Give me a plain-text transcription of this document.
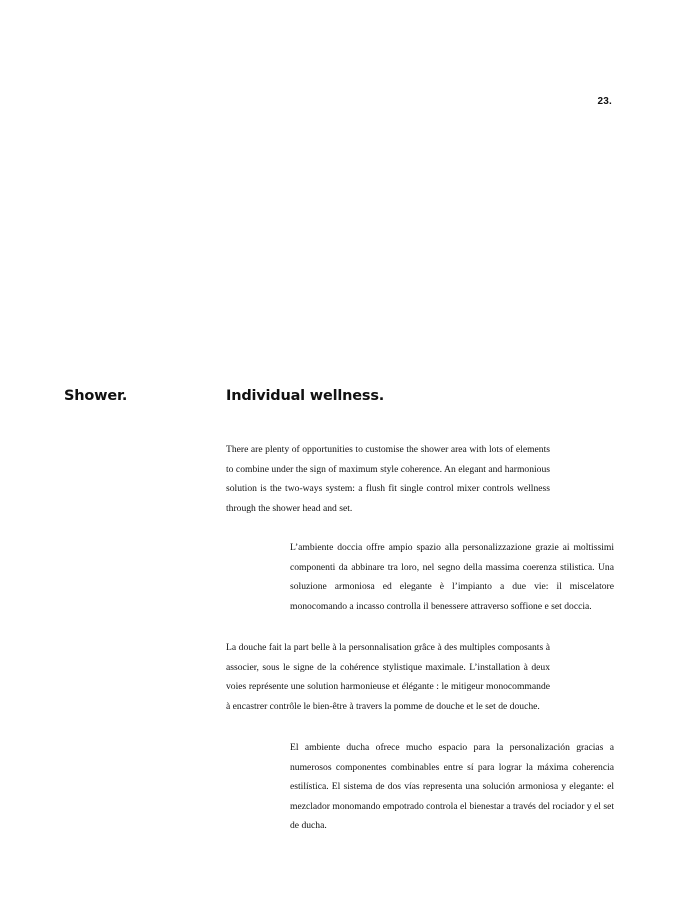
23.
Shower.	Individual wellness.

There are plenty of opportunities to customise the shower area with lots of elements to combine under the sign of maximum style coherence. An elegant and harmonious solution is the two-ways system: a flush fit single control mixer controls wellness through the shower head and set.

L’ambiente doccia offre ampio spazio alla personalizzazione grazie ai moltissimi componenti da abbinare tra loro, nel segno della massima coerenza stilistica. Una soluzione armoniosa ed elegante è l’impianto a due vie: il miscelatore monocomando a incasso controlla il benessere attraverso soffione e set doccia.

La douche fait la part belle à la personnalisation grâce à des multiples composants à associer, sous le signe de la cohérence stylistique maximale. L’installation à deux voies représente une solution harmonieuse et élégante : le mitigeur monocommande à encastrer contrôle le bien-être à travers la pomme de douche et le set de douche.

El ambiente ducha ofrece mucho espacio para la personalización gracias a numerosos componentes combinables entre sí para lograr la máxima coherencia estilística. El sistema de dos vías representa una solución armoniosa y elegante: el mezclador monomando empotrado controla el bienestar a través del rociador y el set de ducha.
